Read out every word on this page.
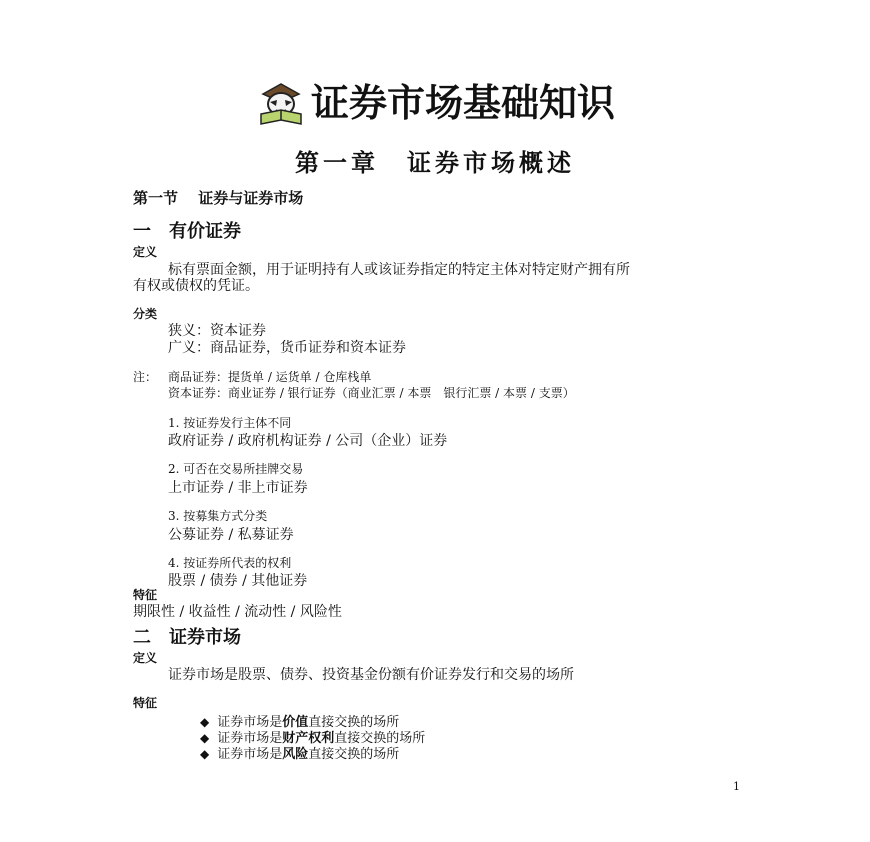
证券市场基础知识
第一章　证券市场概述
第一节　 证券与证券市场
一　有价证券
定义
标有票面金额，用于证明持有人或该证券指定的特定主体对特定财产拥有所
有权或债权的凭证。
分类
狭义：资本证券
广义：商品证券，货币证券和资本证券
注： 商品证券：提货单 / 运货单 / 仓库栈单
资本证券：商业证券 / 银行证券（商业汇票 / 本票　银行汇票 / 本票 / 支票）
1. 按证券发行主体不同
政府证券 / 政府机构证券 / 公司（企业）证券
2. 可否在交易所挂牌交易
上市证券 / 非上市证券
3. 按募集方式分类
公募证券 / 私募证券
4. 按证券所代表的权利
股票 / 债券 / 其他证券
特征
期限性 / 收益性 / 流动性 / 风险性
二　证券市场
定义
证券市场是股票、债券、投资基金份额有价证券发行和交易的场所
特征
◆ 证券市场是价值直接交换的场所
◆ 证券市场是财产权利直接交换的场所
◆ 证券市场是风险直接交换的场所
1
